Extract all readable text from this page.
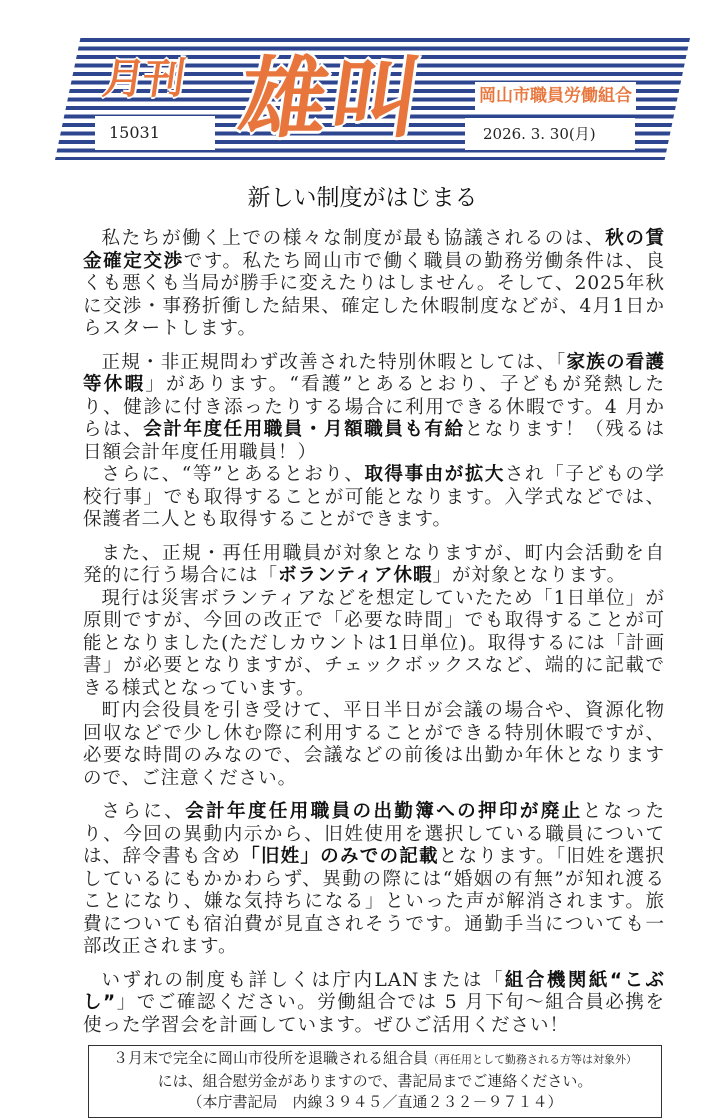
月刊 雄叫
15031
岡山市職員労働組合
2026. 3. 30(月)
新しい制度がはじまる

私たちが働く上での様々な制度が最も協議されるのは、秋の賃金確定交渉です。私たち岡山市で働く職員の勤務労働条件は、良くも悪くも当局が勝手に変えたりはしません。そして、2025年秋に交渉・事務折衝した結果、確定した休暇制度などが、4月1日からスタートします。

正規・非正規問わず改善された特別休暇としては、「家族の看護等休暇」があります。“看護”とあるとおり、子どもが発熱したり、健診に付き添ったりする場合に利用できる休暇です。4 月からは、会計年度任用職員・月額職員も有給となります！（残るは日額会計年度任用職員！）

さらに、“等”とあるとおり、取得事由が拡大され「子どもの学校行事」でも取得することが可能となります。入学式などでは、保護者二人とも取得することができます。

また、正規・再任用職員が対象となりますが、町内会活動を自発的に行う場合には「ボランティア休暇」が対象となります。

現行は災害ボランティアなどを想定していたため「1日単位」が原則ですが、今回の改正で「必要な時間」でも取得することが可能となりました(ただしカウントは1日単位)。取得するには「計画書」が必要となりますが、チェックボックスなど、端的に記載できる様式となっています。

町内会役員を引き受けて、平日半日が会議の場合や、資源化物回収などで少し休む際に利用することができる特別休暇ですが、必要な時間のみなので、会議などの前後は出勤か年休となりますので、ご注意ください。

さらに、会計年度任用職員の出勤簿への押印が廃止となったり、今回の異動内示から、旧姓使用を選択している職員については、辞令書も含め「旧姓」のみでの記載となります。「旧姓を選択しているにもかかわらず、異動の際には“婚姻の有無”が知れ渡ることになり、嫌な気持ちになる」といった声が解消されます。旅費についても宿泊費が見直されそうです。通勤手当についても一部改正されます。

いずれの制度も詳しくは庁内LANまたは「組合機関紙“こぶし”」でご確認ください。労働組合では 5 月下旬～組合員必携を使った学習会を計画しています。ぜひご活用ください！

３月末で完全に岡山市役所を退職される組合員（再任用として勤務される方等は対象外）
には、組合慰労金がありますので、書記局までご連絡ください。
（本庁書記局　内線３９４５／直通２３２－９７１４）
